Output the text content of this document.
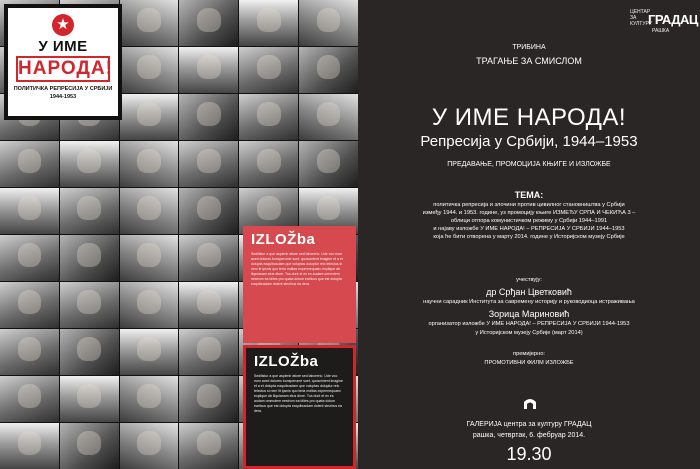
★
У ИМЕ
НАРОДА!
ПОЛИТИЧКА РЕПРЕСИЈА У СРБИЈИ
1944-1953
IZLOŽba
Sedilistur a que aspienir atiore sed laborerio. Ude voo num aced dolores bonsperume suet, quoscintent imagine et a et dolupta eaquibusdam que voluptas doluptur reic telectus si nem lit ipsnis quo teria mditas expermequaec explique ab iliquianam etus diore. Tus dunt et ex es audam ommolem nestrum ea idites pro quata dolum earlicus que est dolupta eaquibusdam dolent strurbus ea dera.
IZLOŽba
Sedilistur a que aspienir atiore sed laborerio. Ude voo num aced dolores bonsperume suet, quoscintent imagine et a et dolupta eaquibusdam que voluptas doluptur reic telectus si nem lit ipsnis quo teria mditas expermequaec explique ab iliquianam etus diore. Tus dunt et ex es audam ommolem nestrum ea idites pro quata dolum earlicus que est dolupta eaquibusdam dolent strurbus ea dera.
ЦЕНТАР ЗА КУЛТУРУ
ГРАДАЦ
РАШКА
ТРИБИНА
ТРАГАЊЕ ЗА СМИСЛОМ
У ИМЕ НАРОДА!
Репресија у Србији, 1944–1953
ПРЕДАВАЊЕ, ПРОМОЦИЈА КЊИГЕ И ИЗЛОЖБЕ
ТЕМА:
политичка репресија и злочини против цивилног становништва у Србији
између 1944. и 1953. године, уз промоцију књиге ИЗМЕЂУ СРПА И ЧЕКИЋА 3 –
облици отпора комунистичком режиму у Србији 1944–1991
и најаву изложбе У ИМЕ НАРОДА! – РЕПРЕСИЈА У СРБИЈИ 1944–1953
која ће бити отворена у марту 2014. године у Историјском музеју Србије
учествују:
др Срђан Цветковић
научни сарадник Института за савремену историју и руководиоца истраживања
Зорица Мариновић
организатор изложбе У ИМЕ НАРОДА! – РЕПРЕСИЈА У СРБИЈИ 1944-1953
у Историјском музеју Србије (март 2014)
премијерно:
ПРОМОТИВНИ ФИЛМ ИЗЛОЖБЕ
ГАЛЕРИЈА центра за културу ГРАДАЦ
рашка, четвртак, 6. фебруар 2014.
19.30
